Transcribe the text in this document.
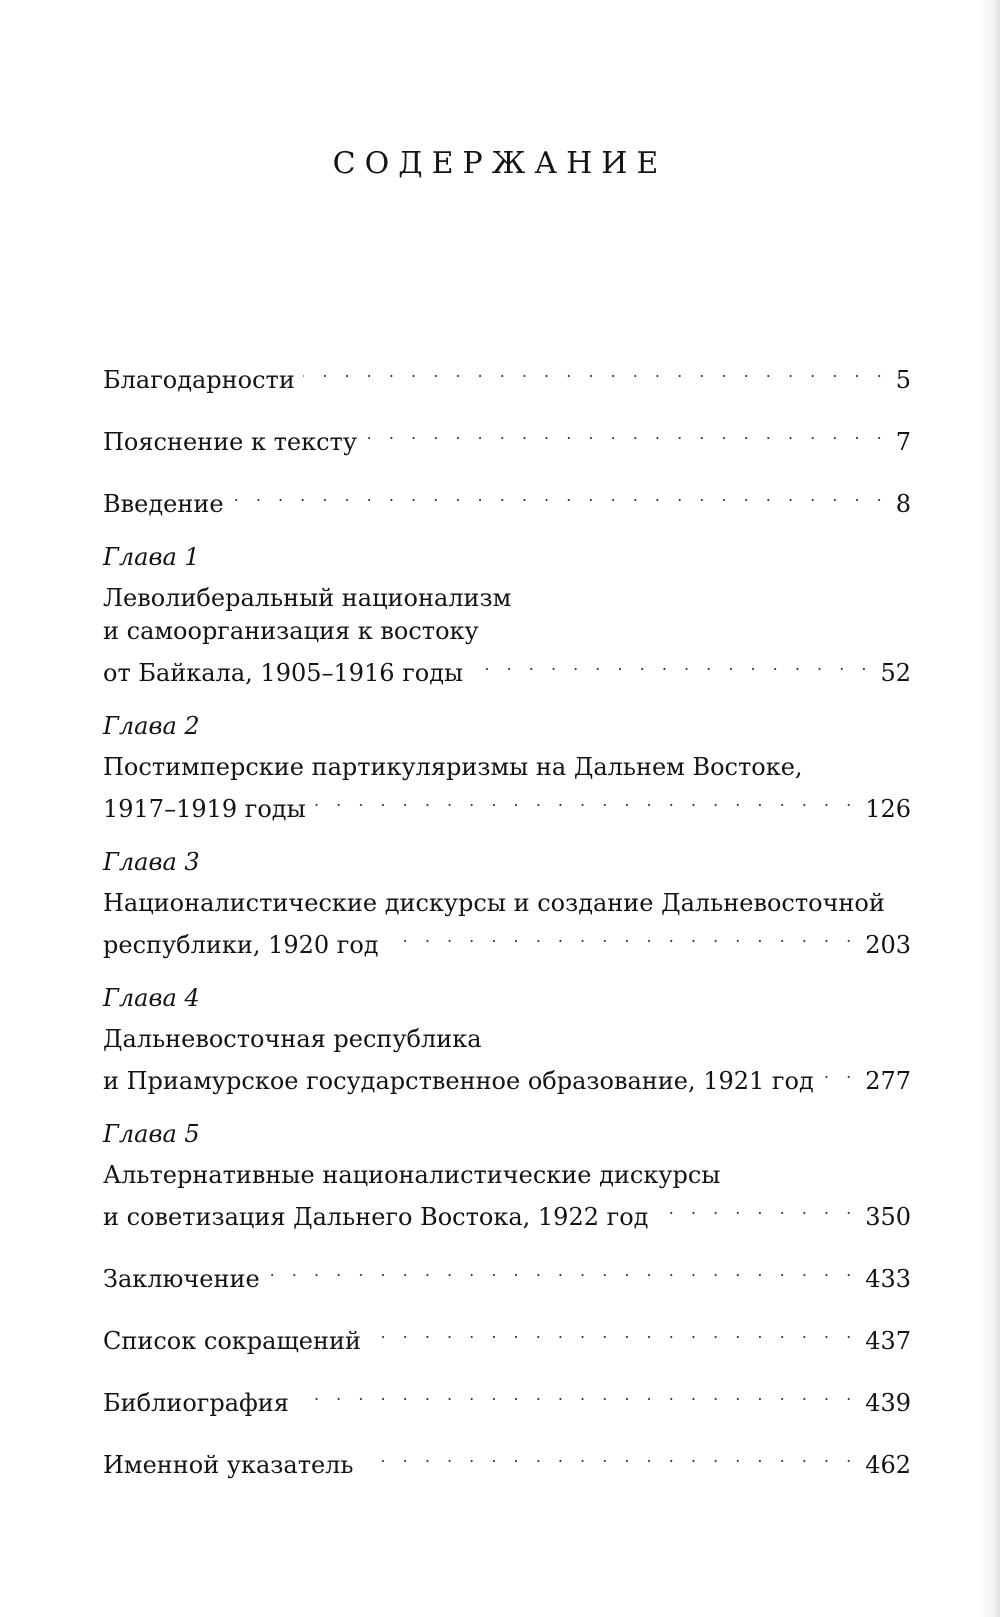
СОДЕРЖАНИЕ
Благодарности . . .	5
Пояснение к тексту . . .	7
Введение . . .	8
Глава 1
Леволиберальный национализм
и самоорганизация к востоку
от Байкала, 1905–1916 годы . . .	52
Глава 2
Постимперские партикуляризмы на Дальнем Востоке,
1917–1919 годы . . .	126
Глава 3
Националистические дискурсы и создание Дальневосточной
республики, 1920 год . . .	203
Глава 4
Дальневосточная республика
и Приамурское государственное образование, 1921 год . . . 277
Глава 5
Альтернативные националистические дискурсы
и советизация Дальнего Востока, 1922 год . . .	350
Заключение . . .	433
Список сокращений . . .	437
Библиография . . .	439
Именной указатель . . .	462
